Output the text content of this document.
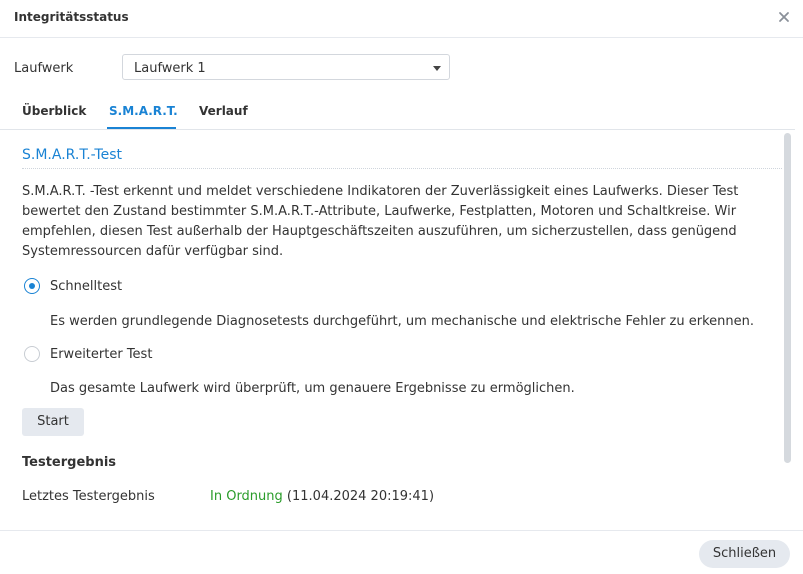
Integritätsstatus
Laufwerk	Laufwerk 1
Überblick S.M.A.R.T. Verlauf
S.M.A.R.T.-Test
S.M.A.R.T. -Test erkennt und meldet verschiedene Indikatoren der Zuverlässigkeit eines Laufwerks. Dieser Test bewertet den Zustand bestimmter S.M.A.R.T.-Attribute, Laufwerke, Festplatten, Motoren und Schaltkreise. Wir empfehlen, diesen Test außerhalb der Hauptgeschäftszeiten auszuführen, um sicherzustellen, dass genügend Systemressourcen dafür verfügbar sind.
Schnelltest
Es werden grundlegende Diagnosetests durchgeführt, um mechanische und elektrische Fehler zu erkennen.
Erweiterter Test
Das gesamte Laufwerk wird überprüft, um genauere Ergebnisse zu ermöglichen.
Start
Testergebnis
Letztes Testergebnis	In Ordnung (11.04.2024 20:19:41)
Schließen
